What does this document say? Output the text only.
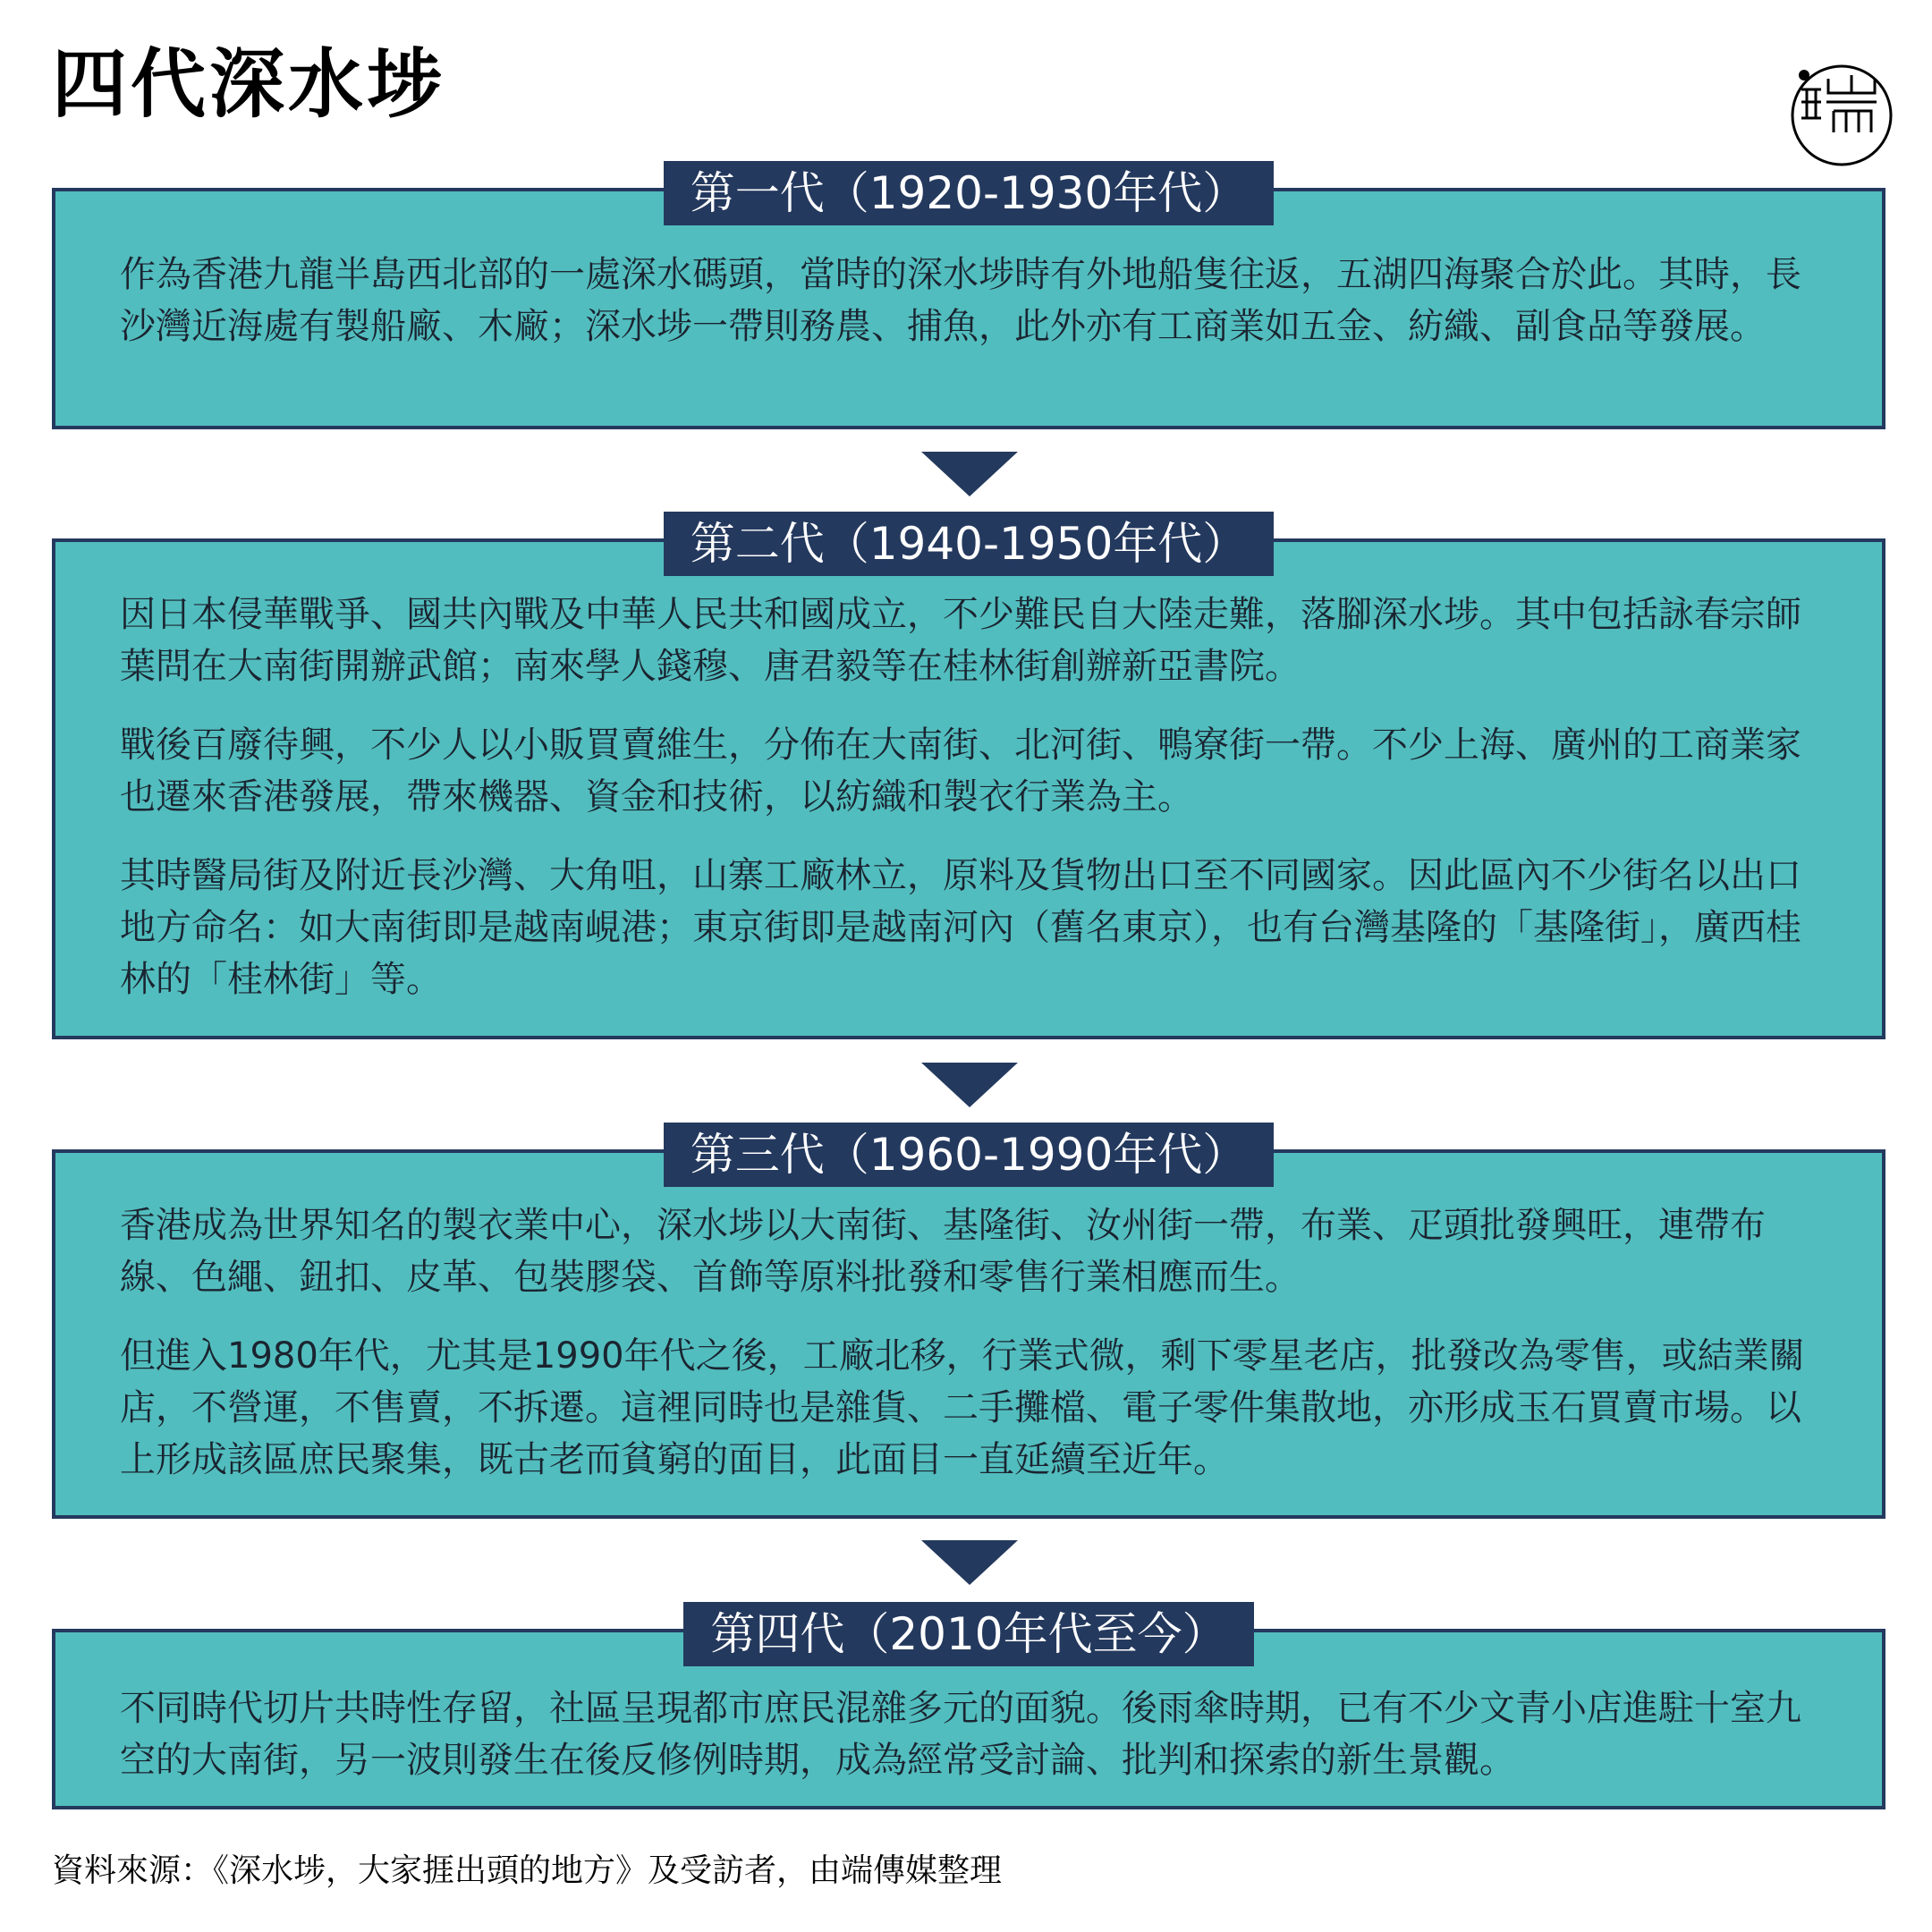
四代深水埗

作為香港九龍半島西北部的一處深水碼頭，當時的深水埗時有外地船隻往返，五湖四海聚合於此。其時，長沙灣近海處有製船廠、木廠；深水埗一帶則務農、捕魚，此外亦有工商業如五金、紡織、副食品等發展。

第一代（1920-1930年代）

因日本侵華戰爭、國共內戰及中華人民共和國成立，不少難民自大陸走難，落腳深水埗。其中包括詠春宗師葉問在大南街開辦武館；南來學人錢穆、唐君毅等在桂林街創辦新亞書院。

戰後百廢待興，不少人以小販買賣維生，分佈在大南街、北河街、鴨寮街一帶。不少上海、廣州的工商業家也遷來香港發展，帶來機器、資金和技術，以紡織和製衣行業為主。

其時醫局街及附近長沙灣、大角咀，山寨工廠林立，原料及貨物出口至不同國家。因此區內不少街名以出口地方命名：如大南街即是越南峴港；東京街即是越南河內（舊名東京），也有台灣基隆的「基隆街」，廣西桂林的「桂林街」等。

第二代（1940-1950年代）

香港成為世界知名的製衣業中心，深水埗以大南街、基隆街、汝州街一帶，布業、疋頭批發興旺，連帶布線、色繩、鈕扣、皮革、包裝膠袋、首飾等原料批發和零售行業相應而生。

但進入1980年代，尤其是1990年代之後，工廠北移，行業式微，剩下零星老店，批發改為零售，或結業關店，不營運，不售賣，不拆遷。這裡同時也是雜貨、二手攤檔、電子零件集散地，亦形成玉石買賣市場。以上形成該區庶民聚集，既古老而貧窮的面目，此面目一直延續至近年。

第三代（1960-1990年代）

不同時代切片共時性存留，社區呈現都市庶民混雜多元的面貌。後雨傘時期，已有不少文青小店進駐十室九空的大南街，另一波則發生在後反修例時期，成為經常受討論、批判和探索的新生景觀。

第四代（2010年代至今）
資料來源：《深水埗，大家捱出頭的地方》及受訪者，由端傳媒整理
